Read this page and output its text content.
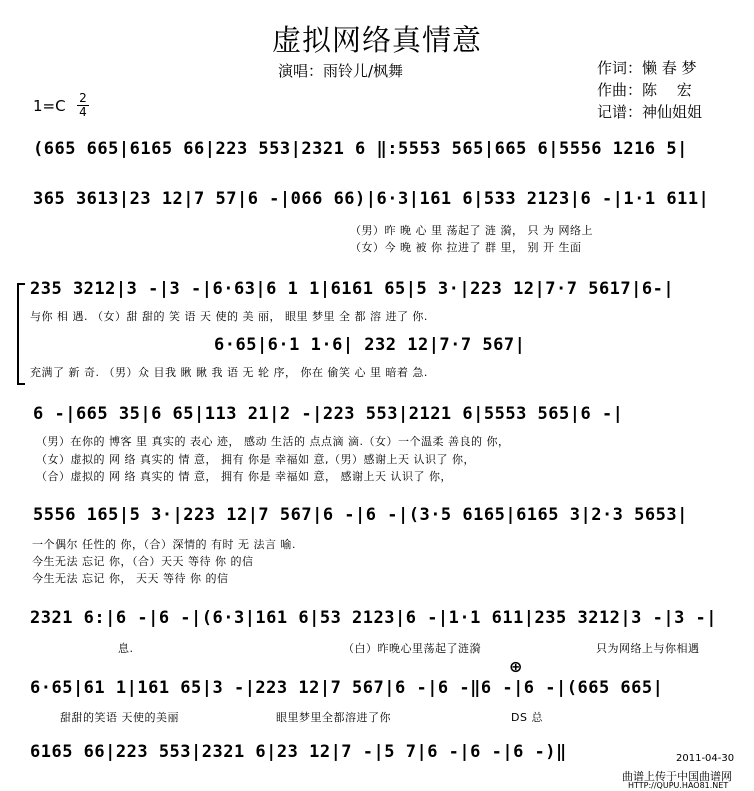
虚拟网络真情意
演唱：雨铃儿/枫舞	作词：懒 春 梦
作曲：陈　 宏
记谱：神仙姐姐
1=C 2
4
(665 665|6165 66|223 553|2321 6 ‖:5553 565|665 6|5556 1216 5|
365 3613|23 12|7 57|6 -|066 66)|6·3|161 6|533 2123|6 -|1·1 611|
（男）昨 晚 心 里 荡起了 涟 漪， 只 为 网络上
（女）今 晚 被 你 拉进了 群 里， 别 开 生面
235 3212|3 -|3 -|6·63|6 1 1|6161 65|5 3·|223 12|7·7 5617|6-|
与你 相 遇. （女）甜 甜的 笑 语 天 使的 美 丽， 眼里 梦里 全 都 溶 进了 你.
6·65|6·1 1·6| 232 12|7·7 567|
充满了 新 奇. （男）众 目我 瞅 瞅 我 语 无 轮 序， 你在 偷笑 心 里 暗着 急.
6 -|665 35|6 65|113 21|2 -|223 553|2121 6|5553 565|6 -|
（男）在你的 博客 里 真实的 表心 迹， 感动 生活的 点点滴 滴.（女）一个温柔 善良的 你，
（女）虚拟的 网 络 真实的 情 意， 拥有 你是 幸福如 意,（男）感谢上天 认识了 你，
（合）虚拟的 网 络 真实的 情 意， 拥有 你是 幸福如 意， 感谢上天 认识了 你，
5556 165|5 3·|223 12|7 567|6 -|6 -|(3·5 6165|6165 3|2·3 5653|
一个偶尔 任性的 你，（合）深情的 有时 无 法言 喻.
今生无法 忘记 你，（合）天天 等待 你 的信
今生无法 忘记 你， 天天 等待 你 的信
2321 6:|6 -|6 -|(6·3|161 6|53 2123|6 -|1·1 611|235 3212|3 -|3 -|
息.	（白）昨晚心里荡起了涟漪	只为网络上与你相遇
⊕
6·65|61 1|161 65|3 -|223 12|7 567|6 -|6 -‖6 -|6 -|(665 665|
甜甜的笑语 天使的美丽	眼里梦里全都溶进了你	DS 总
6165 66|223 553|2321 6|23 12|7 -|5 7|6 -|6 -|6 -)‖	2011-04-30
曲谱上传于中国曲谱网
HTTP://QUPU.HAO81.NET
